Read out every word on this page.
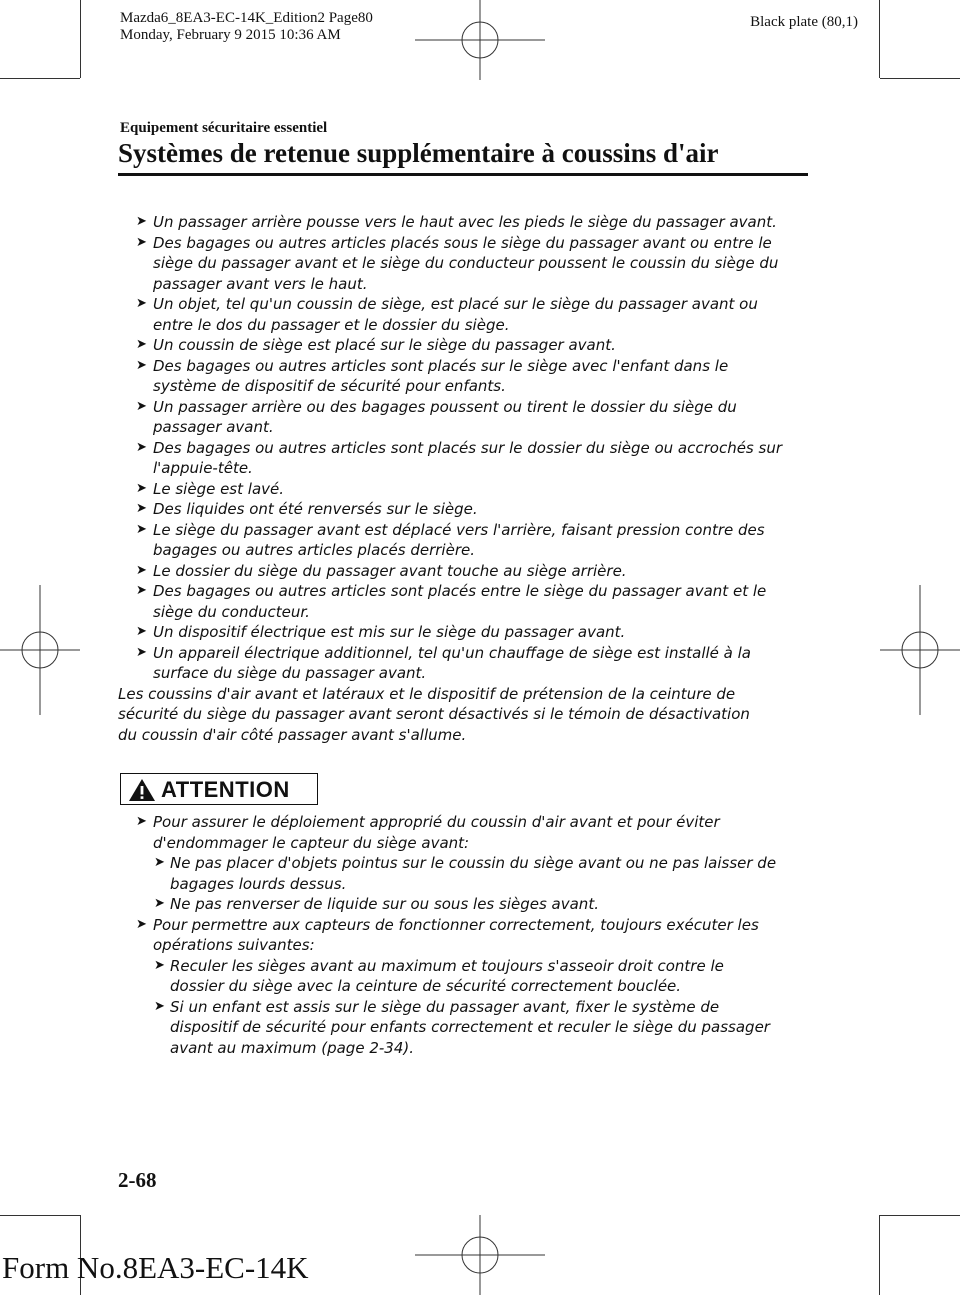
Mazda6_8EA3-EC-14K_Edition2 Page80
Monday, February 9 2015 10:36 AM
Black plate (80,1)
Equipement sécuritaire essentiel
Systèmes de retenue supplémentaire à coussins d'air
➤ Un passager arrière pousse vers le haut avec les pieds le siège du passager avant.
➤ Des bagages ou autres articles placés sous le siège du passager avant ou entre le
siège du passager avant et le siège du conducteur poussent le coussin du siège du
passager avant vers le haut.
➤ Un objet, tel qu'un coussin de siège, est placé sur le siège du passager avant ou
entre le dos du passager et le dossier du siège.
➤ Un coussin de siège est placé sur le siège du passager avant.
➤ Des bagages ou autres articles sont placés sur le siège avec l'enfant dans le
système de dispositif de sécurité pour enfants.
➤ Un passager arrière ou des bagages poussent ou tirent le dossier du siège du
passager avant.
➤ Des bagages ou autres articles sont placés sur le dossier du siège ou accrochés sur
l'appuie-tête.
➤ Le siège est lavé.
➤ Des liquides ont été renversés sur le siège.
➤ Le siège du passager avant est déplacé vers l'arrière, faisant pression contre des
bagages ou autres articles placés derrière.
➤ Le dossier du siège du passager avant touche au siège arrière.
➤ Des bagages ou autres articles sont placés entre le siège du passager avant et le
siège du conducteur.
➤ Un dispositif électrique est mis sur le siège du passager avant.
➤ Un appareil électrique additionnel, tel qu'un chauffage de siège est installé à la
surface du siège du passager avant.
Les coussins d'air avant et latéraux et le dispositif de prétension de la ceinture de
sécurité du siège du passager avant seront désactivés si le témoin de désactivation
du coussin d'air côté passager avant s'allume.
ATTENTION
➤ Pour assurer le déploiement approprié du coussin d'air avant et pour éviter
d'endommager le capteur du siège avant:
➤ Ne pas placer d'objets pointus sur le coussin du siège avant ou ne pas laisser de
bagages lourds dessus.
➤ Ne pas renverser de liquide sur ou sous les sièges avant.
➤ Pour permettre aux capteurs de fonctionner correctement, toujours exécuter les
opérations suivantes:
➤ Reculer les sièges avant au maximum et toujours s'asseoir droit contre le
dossier du siège avec la ceinture de sécurité correctement bouclée.
➤ Si un enfant est assis sur le siège du passager avant, fixer le système de
dispositif de sécurité pour enfants correctement et reculer le siège du passager
avant au maximum (page 2-34).
2-68
Form No.8EA3-EC-14K
